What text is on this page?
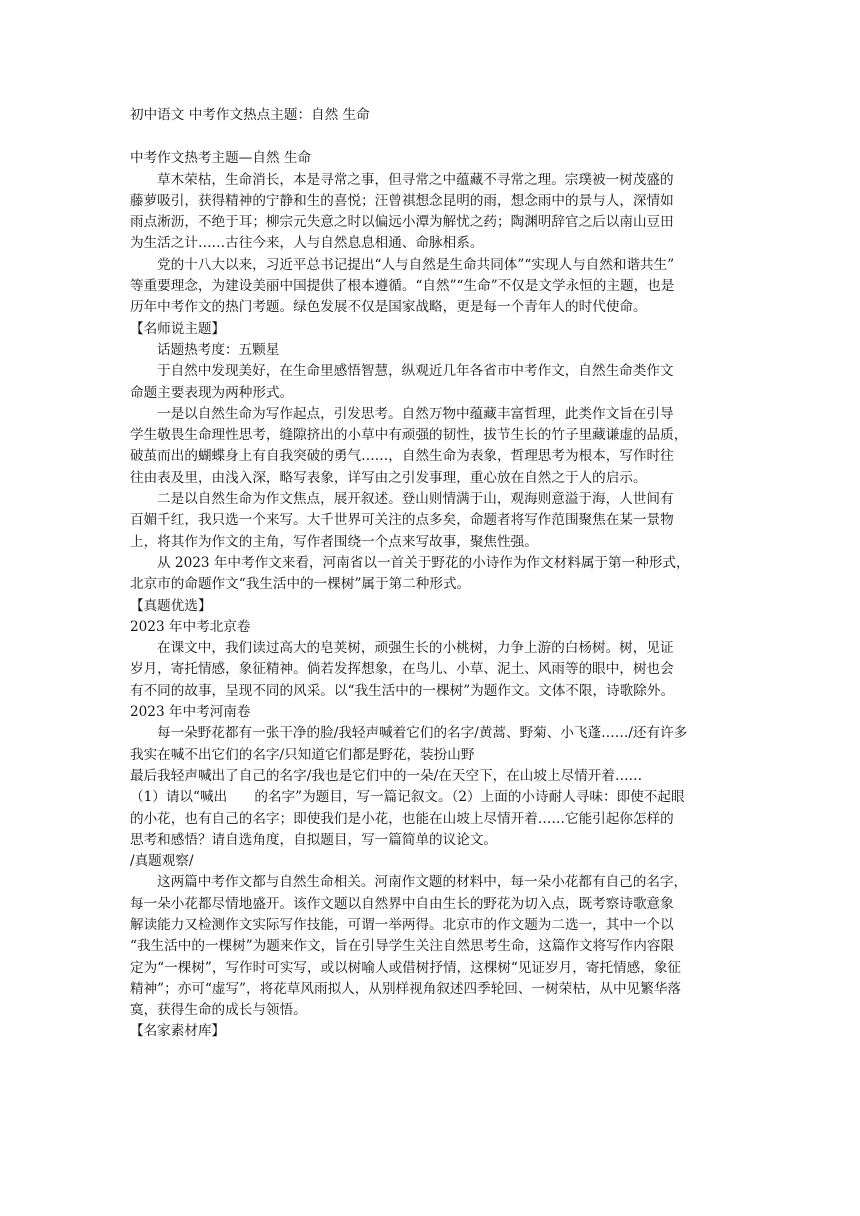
初中语文 中考作文热点主题：自然 生命
中考作文热考主题—自然 生命
草木荣枯，生命消长，本是寻常之事，但寻常之中蕴藏不寻常之理。宗璞被一树茂盛的
藤萝吸引，获得精神的宁静和生的喜悦；汪曾祺想念昆明的雨，想念雨中的景与人，深情如
雨点淅沥，不绝于耳；柳宗元失意之时以偏远小潭为解忧之药；陶渊明辞官之后以南山豆田
为生活之计……古往今来，人与自然息息相通、命脉相系。
党的十八大以来，习近平总书记提出“人与自然是生命共同体”“实现人与自然和谐共生”
等重要理念，为建设美丽中国提供了根本遵循。“自然”“生命”不仅是文学永恒的主题，也是
历年中考作文的热门考题。绿色发展不仅是国家战略，更是每一个青年人的时代使命。
【名师说主题】
话题热考度：五颗星
于自然中发现美好，在生命里感悟智慧，纵观近几年各省市中考作文，自然生命类作文
命题主要表现为两种形式。
一是以自然生命为写作起点，引发思考。自然万物中蕴藏丰富哲理，此类作文旨在引导
学生敬畏生命理性思考，缝隙挤出的小草中有顽强的韧性，拔节生长的竹子里藏谦虚的品质，
破茧而出的蝴蝶身上有自我突破的勇气……，自然生命为表象，哲理思考为根本，写作时往
往由表及里，由浅入深，略写表象，详写由之引发事理，重心放在自然之于人的启示。
二是以自然生命为作文焦点，展开叙述。登山则情满于山，观海则意溢于海，人世间有
百媚千红，我只选一个来写。大千世界可关注的点多矣，命题者将写作范围聚焦在某一景物
上，将其作为作文的主角，写作者围绕一个点来写故事，聚焦性强。
从 2023 年中考作文来看，河南省以一首关于野花的小诗作为作文材料属于第一种形式，
北京市的命题作文“我生活中的一棵树”属于第二种形式。
【真题优选】
2023 年中考北京卷
在课文中，我们读过高大的皂荚树，顽强生长的小桃树，力争上游的白杨树。树，见证
岁月，寄托情感，象征精神。倘若发挥想象，在鸟儿、小草、泥土、风雨等的眼中，树也会
有不同的故事，呈现不同的风采。以“我生活中的一棵树”为题作文。文体不限，诗歌除外。
2023 年中考河南卷
每一朵野花都有一张干净的脸/我轻声喊着它们的名字/黄蒿、野菊、小飞蓬……/还有许多
我实在喊不出它们的名字/只知道它们都是野花，装扮山野
最后我轻声喊出了自己的名字/我也是它们中的一朵/在天空下，在山坡上尽情开着……
（1）请以“喊出　　的名字”为题目，写一篇记叙文。（2）上面的小诗耐人寻味：即使不起眼
的小花，也有自己的名字；即使我们是小花，也能在山坡上尽情开着……它能引起你怎样的
思考和感悟？请自选角度，自拟题目，写一篇简单的议论文。
/真题观察/
这两篇中考作文都与自然生命相关。河南作文题的材料中，每一朵小花都有自己的名字，
每一朵小花都尽情地盛开。该作文题以自然界中自由生长的野花为切入点，既考察诗歌意象
解读能力又检测作文实际写作技能，可谓一举两得。北京市的作文题为二选一，其中一个以
“我生活中的一棵树”为题来作文，旨在引导学生关注自然思考生命，这篇作文将写作内容限
定为“一棵树”，写作时可实写，或以树喻人或借树抒情，这棵树“见证岁月，寄托情感，象征
精神”；亦可“虚写”，将花草风雨拟人，从别样视角叙述四季轮回、一树荣枯，从中见繁华落
寞，获得生命的成长与领悟。
【名家素材库】
